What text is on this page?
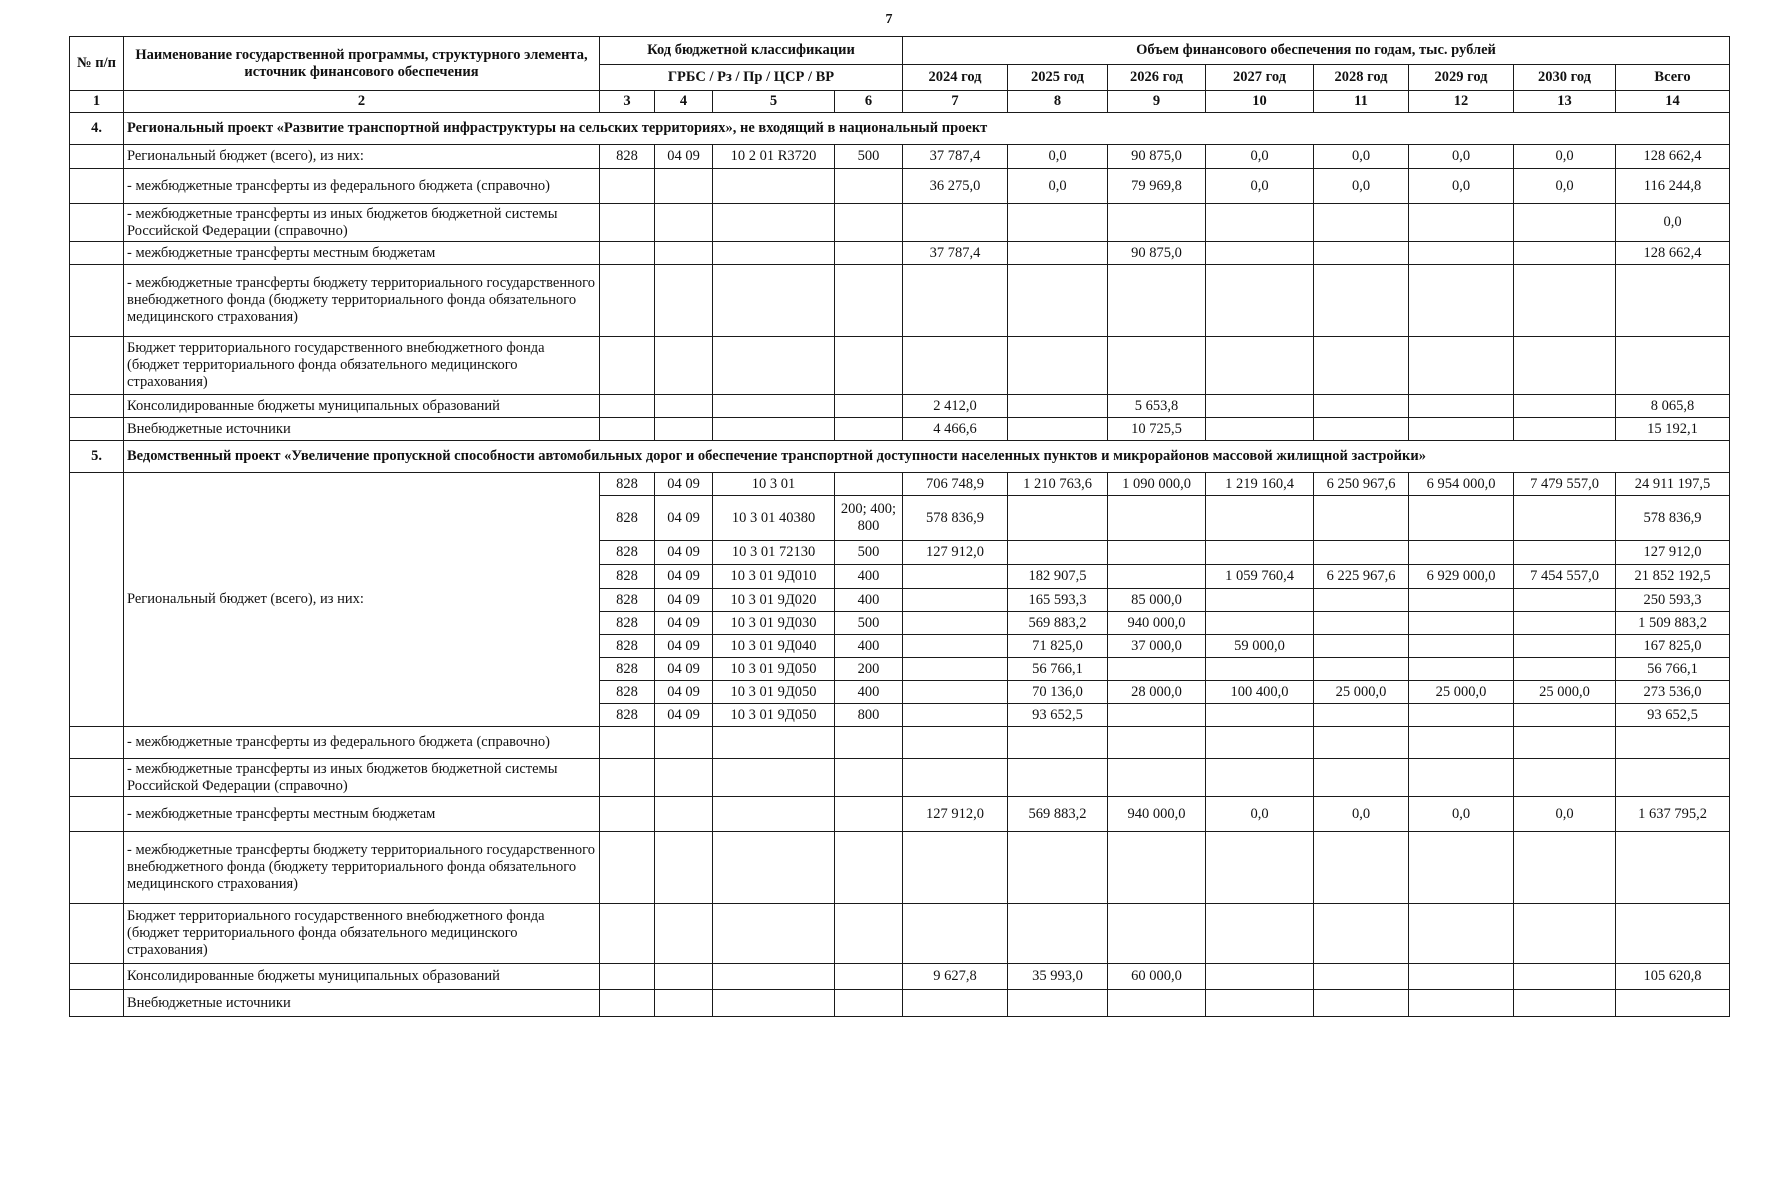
7
№ п/п	Наименование государственной программы, структурного элемента, источник финансового обеспечения	Код бюджетной классификации				Объем финансового обеспечения по годам, тыс. рублей							
		ГРБС / Рз / Пр / ЦСР / ВР				2024 год	2025 год	2026 год	2027 год	2028 год	2029 год	2030 год	Всего
1	2	3	4	5	6	7	8	9	10	11	12	13	14
4.	Региональный проект «Развитие транспортной инфраструктуры на сельских территориях», не входящий в национальный проект												
	Региональный бюджет (всего), из них:	828	04 09	10 2 01 R3720	500	37 787,4	0,0	90 875,0	0,0	0,0	0,0	0,0	128 662,4
	- межбюджетные трансферты из федерального бюджета (справочно)					36 275,0	0,0	79 969,8	0,0	0,0	0,0	0,0	116 244,8
	- межбюджетные трансферты из иных бюджетов бюджетной системы Российской Федерации (справочно)												0,0
	- межбюджетные трансферты местным бюджетам					37 787,4		90 875,0					128 662,4
	- межбюджетные трансферты бюджету территориального государственного внебюджетного фонда (бюджету территориального фонда обязательного медицинского страхования)												
	Бюджет территориального государственного внебюджетного фонда (бюджет территориального фонда обязательного медицинского страхования)												
	Консолидированные бюджеты муниципальных образований					2 412,0		5 653,8					8 065,8
	Внебюджетные источники					4 466,6		10 725,5					15 192,1
5.	Ведомственный проект «Увеличение пропускной способности автомобильных дорог и обеспечение транспортной доступности населенных пунктов и микрорайонов массовой жилищной застройки»												
	Региональный бюджет (всего), из них:	828	04 09	10 3 01		706 748,9	1 210 763,6	1 090 000,0	1 219 160,4	6 250 967,6	6 954 000,0	7 479 557,0	24 911 197,5
		828	04 09	10 3 01 40380	200; 400; 800	578 836,9							578 836,9
		828	04 09	10 3 01 72130	500	127 912,0							127 912,0
		828	04 09	10 3 01 9Д010	400		182 907,5		1 059 760,4	6 225 967,6	6 929 000,0	7 454 557,0	21 852 192,5
		828	04 09	10 3 01 9Д020	400		165 593,3	85 000,0					250 593,3
		828	04 09	10 3 01 9Д030	500		569 883,2	940 000,0					1 509 883,2
		828	04 09	10 3 01 9Д040	400		71 825,0	37 000,0	59 000,0				167 825,0
		828	04 09	10 3 01 9Д050	200		56 766,1						56 766,1
		828	04 09	10 3 01 9Д050	400		70 136,0	28 000,0	100 400,0	25 000,0	25 000,0	25 000,0	273 536,0
		828	04 09	10 3 01 9Д050	800		93 652,5						93 652,5
	- межбюджетные трансферты из федерального бюджета (справочно)												
	- межбюджетные трансферты из иных бюджетов бюджетной системы Российской Федерации (справочно)												
	- межбюджетные трансферты местным бюджетам					127 912,0	569 883,2	940 000,0	0,0	0,0	0,0	0,0	1 637 795,2
	- межбюджетные трансферты бюджету территориального государственного внебюджетного фонда (бюджету территориального фонда обязательного медицинского страхования)												
	Бюджет территориального государственного внебюджетного фонда (бюджет территориального фонда обязательного медицинского страхования)												
	Консолидированные бюджеты муниципальных образований					9 627,8	35 993,0	60 000,0					105 620,8
	Внебюджетные источники												
